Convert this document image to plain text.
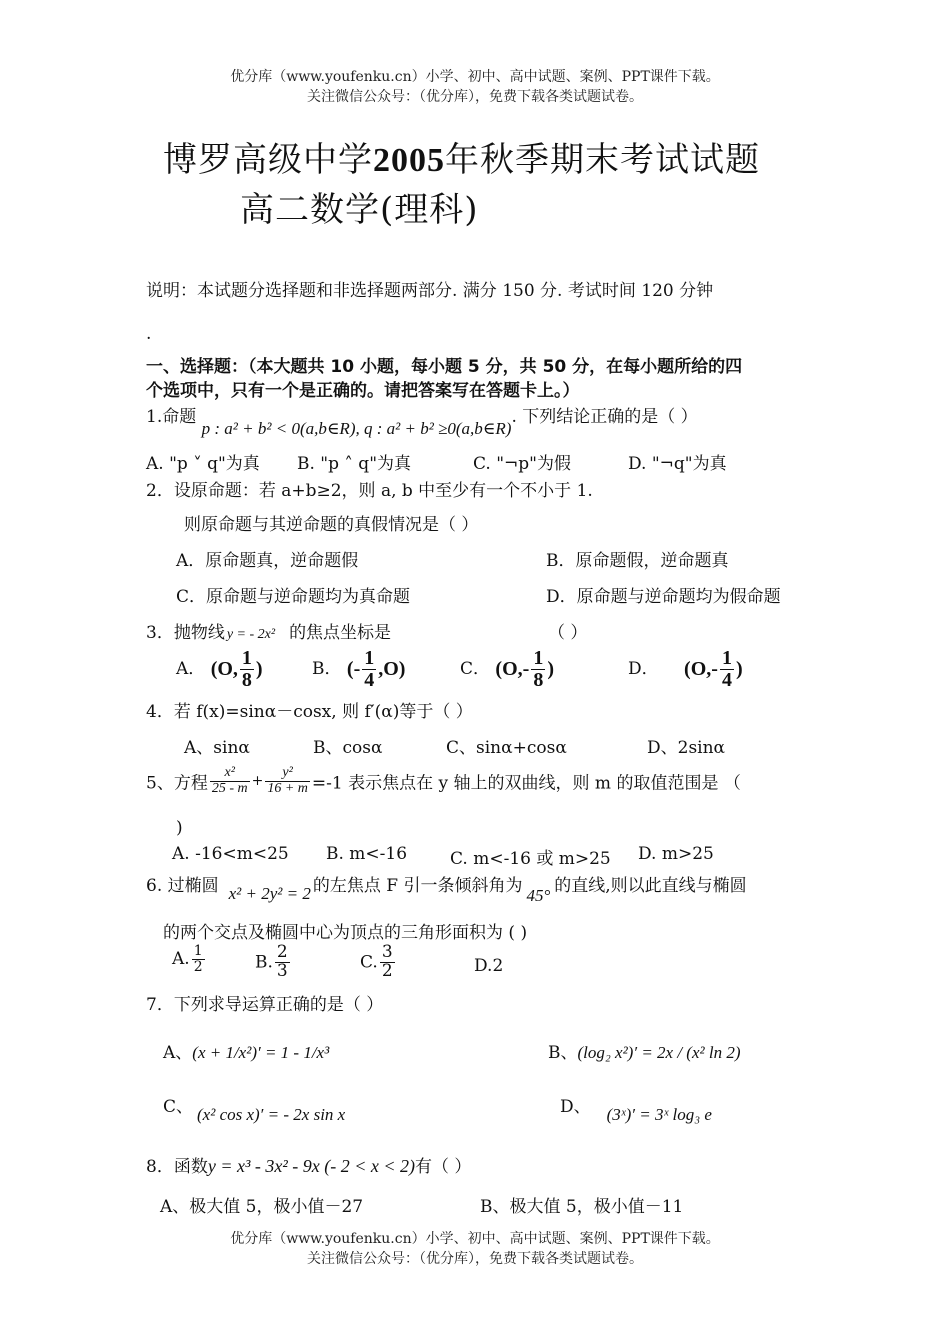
优分库（www.youfenku.cn）小学、初中、高中试题、案例、PPT课件下载。
关注微信公众号：（优分库），免费下载各类试题试卷。
博罗高级中学2005年秋季期末考试试题
高二数学(理科)
说明：本试题分选择题和非选择题两部分. 满分 150 分. 考试时间 120 分钟
.
一、选择题：（本大题共 10 小题，每小题 5 分，共 50 分，在每小题所给的四
个选项中，只有一个是正确的。请把答案写在答题卡上。）
1.命题 p : a² + b² < 0(a,b∈R), q : a² + b² ≥0(a,b∈R). 下列结论正确的是（ ）
A. "p ˅ q"为真 B. "p ˄ q"为真	C. "¬p"为假	D. "¬q"为真
2．设原命题：若 a+b≥2，则 a, b 中至少有一个不小于 1.
则原命题与其逆命题的真假情况是（ ）
A．原命题真，逆命题假	B．原命题假，逆命题真
C．原命题与逆命题均为真命题	D．原命题与逆命题均为假命题
3．抛物线 y = - 2x² 的焦点坐标是	（ ）
A． (O, $\frac{1}{8}$ )	B． (- $\frac{1}{4} ,O$)	C． ($O,- \frac{1}{8}$ )	D． ($O,- \frac{1}{4}$ )
4．若 f(x)=sinα－cosx, 则 f′(α)等于（ ）
A、sinα	B、cosα	C、sinα+cosα	D、2sinα
5、方程 $\frac{\text{x²}}{25 - m} + \frac{\text{y²}}{16 + m} =-1$ 表示焦点在 y 轴上的双曲线，则 m 的取值范围是 （
)
A. -16<m<25 B. m<-16	C. m<-16 或 m>25 D. m>25
6. 过椭圆 x² + 2y² = 2 的左焦点 F 引一条倾斜角为 45° 的直线,则以此直线与椭圆
的两个交点及椭圆中心为顶点的三角形面积为 ( )
A. $\frac{1}{2}$	B. $\frac{2}{3}$	C. $\frac{3}{2}$	D.2
7．下列求导运算正确的是（ ）
A、(x + 1/x²)′ = 1 - 1/x³	B、(log₂ x²)′ = 2x / (x² ln 2)
C、 (x² cos x)′ = - 2x sin x	D、 (3ˣ)′ = 3ˣ log₃ e
8．函数y = x³ - 3x² - 9x (- 2 < x < 2)有（ ）
A、极大值 5，极小值－27	B、极大值 5，极小值－11
优分库（www.youfenku.cn）小学、初中、高中试题、案例、PPT课件下载。
关注微信公众号：（优分库），免费下载各类试题试卷。
